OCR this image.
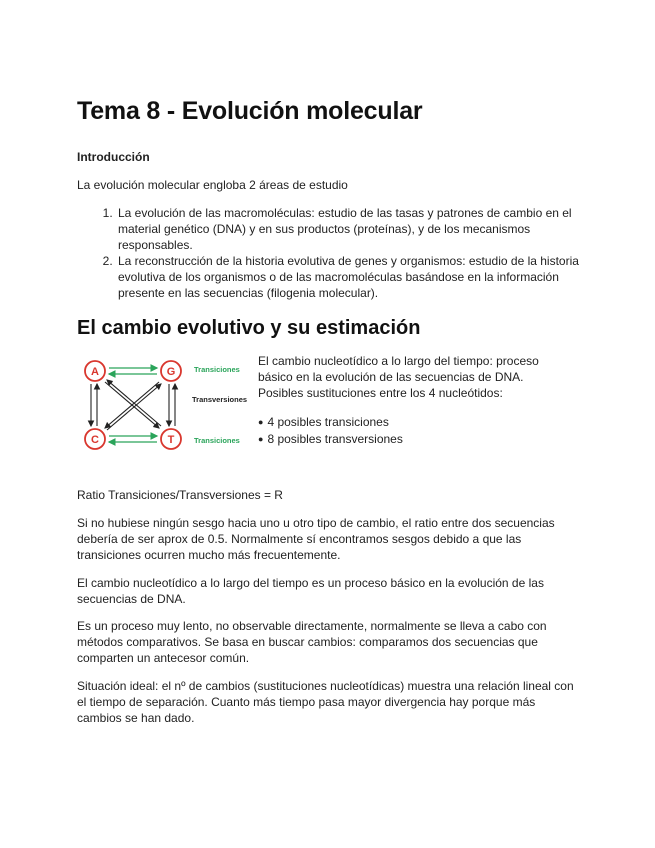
Tema 8 - Evolución molecular

Introducción

La evolución molecular engloba 2 áreas de estudio

1. La evolución de las macromoléculas: estudio de las tasas y patrones de cambio en el material genético (DNA) y en sus productos (proteínas), y de los mecanismos responsables.
2. La reconstrucción de la historia evolutiva de genes y organismos: estudio de la historia evolutiva de los organismos o de las macromoléculas basándose en la información presente en las secuencias (filogenia molecular).
El cambio evolutivo y su estimación
A	G
C	T
Transiciones
Transversiones
Transiciones

El cambio nucleotídico a lo largo del tiempo: proceso básico en la evolución de las secuencias de DNA. Posibles sustituciones entre los 4 nucleótidos:

● 4 posibles transiciones
● 8 posibles transversiones

Ratio Transiciones/Transversiones = R

Si no hubiese ningún sesgo hacia uno u otro tipo de cambio, el ratio entre dos secuencias debería de ser aprox de 0.5. Normalmente sí encontramos sesgos debido a que las transiciones ocurren mucho más frecuentemente.

El cambio nucleotídico a lo largo del tiempo es un proceso básico en la evolución de las secuencias de DNA.

Es un proceso muy lento, no observable directamente, normalmente se lleva a cabo con métodos comparativos. Se basa en buscar cambios: comparamos dos secuencias que comparten un antecesor común.

Situación ideal: el nº de cambios (sustituciones nucleotídicas) muestra una relación lineal con el tiempo de separación. Cuanto más tiempo pasa mayor divergencia hay porque más cambios se han dado.
